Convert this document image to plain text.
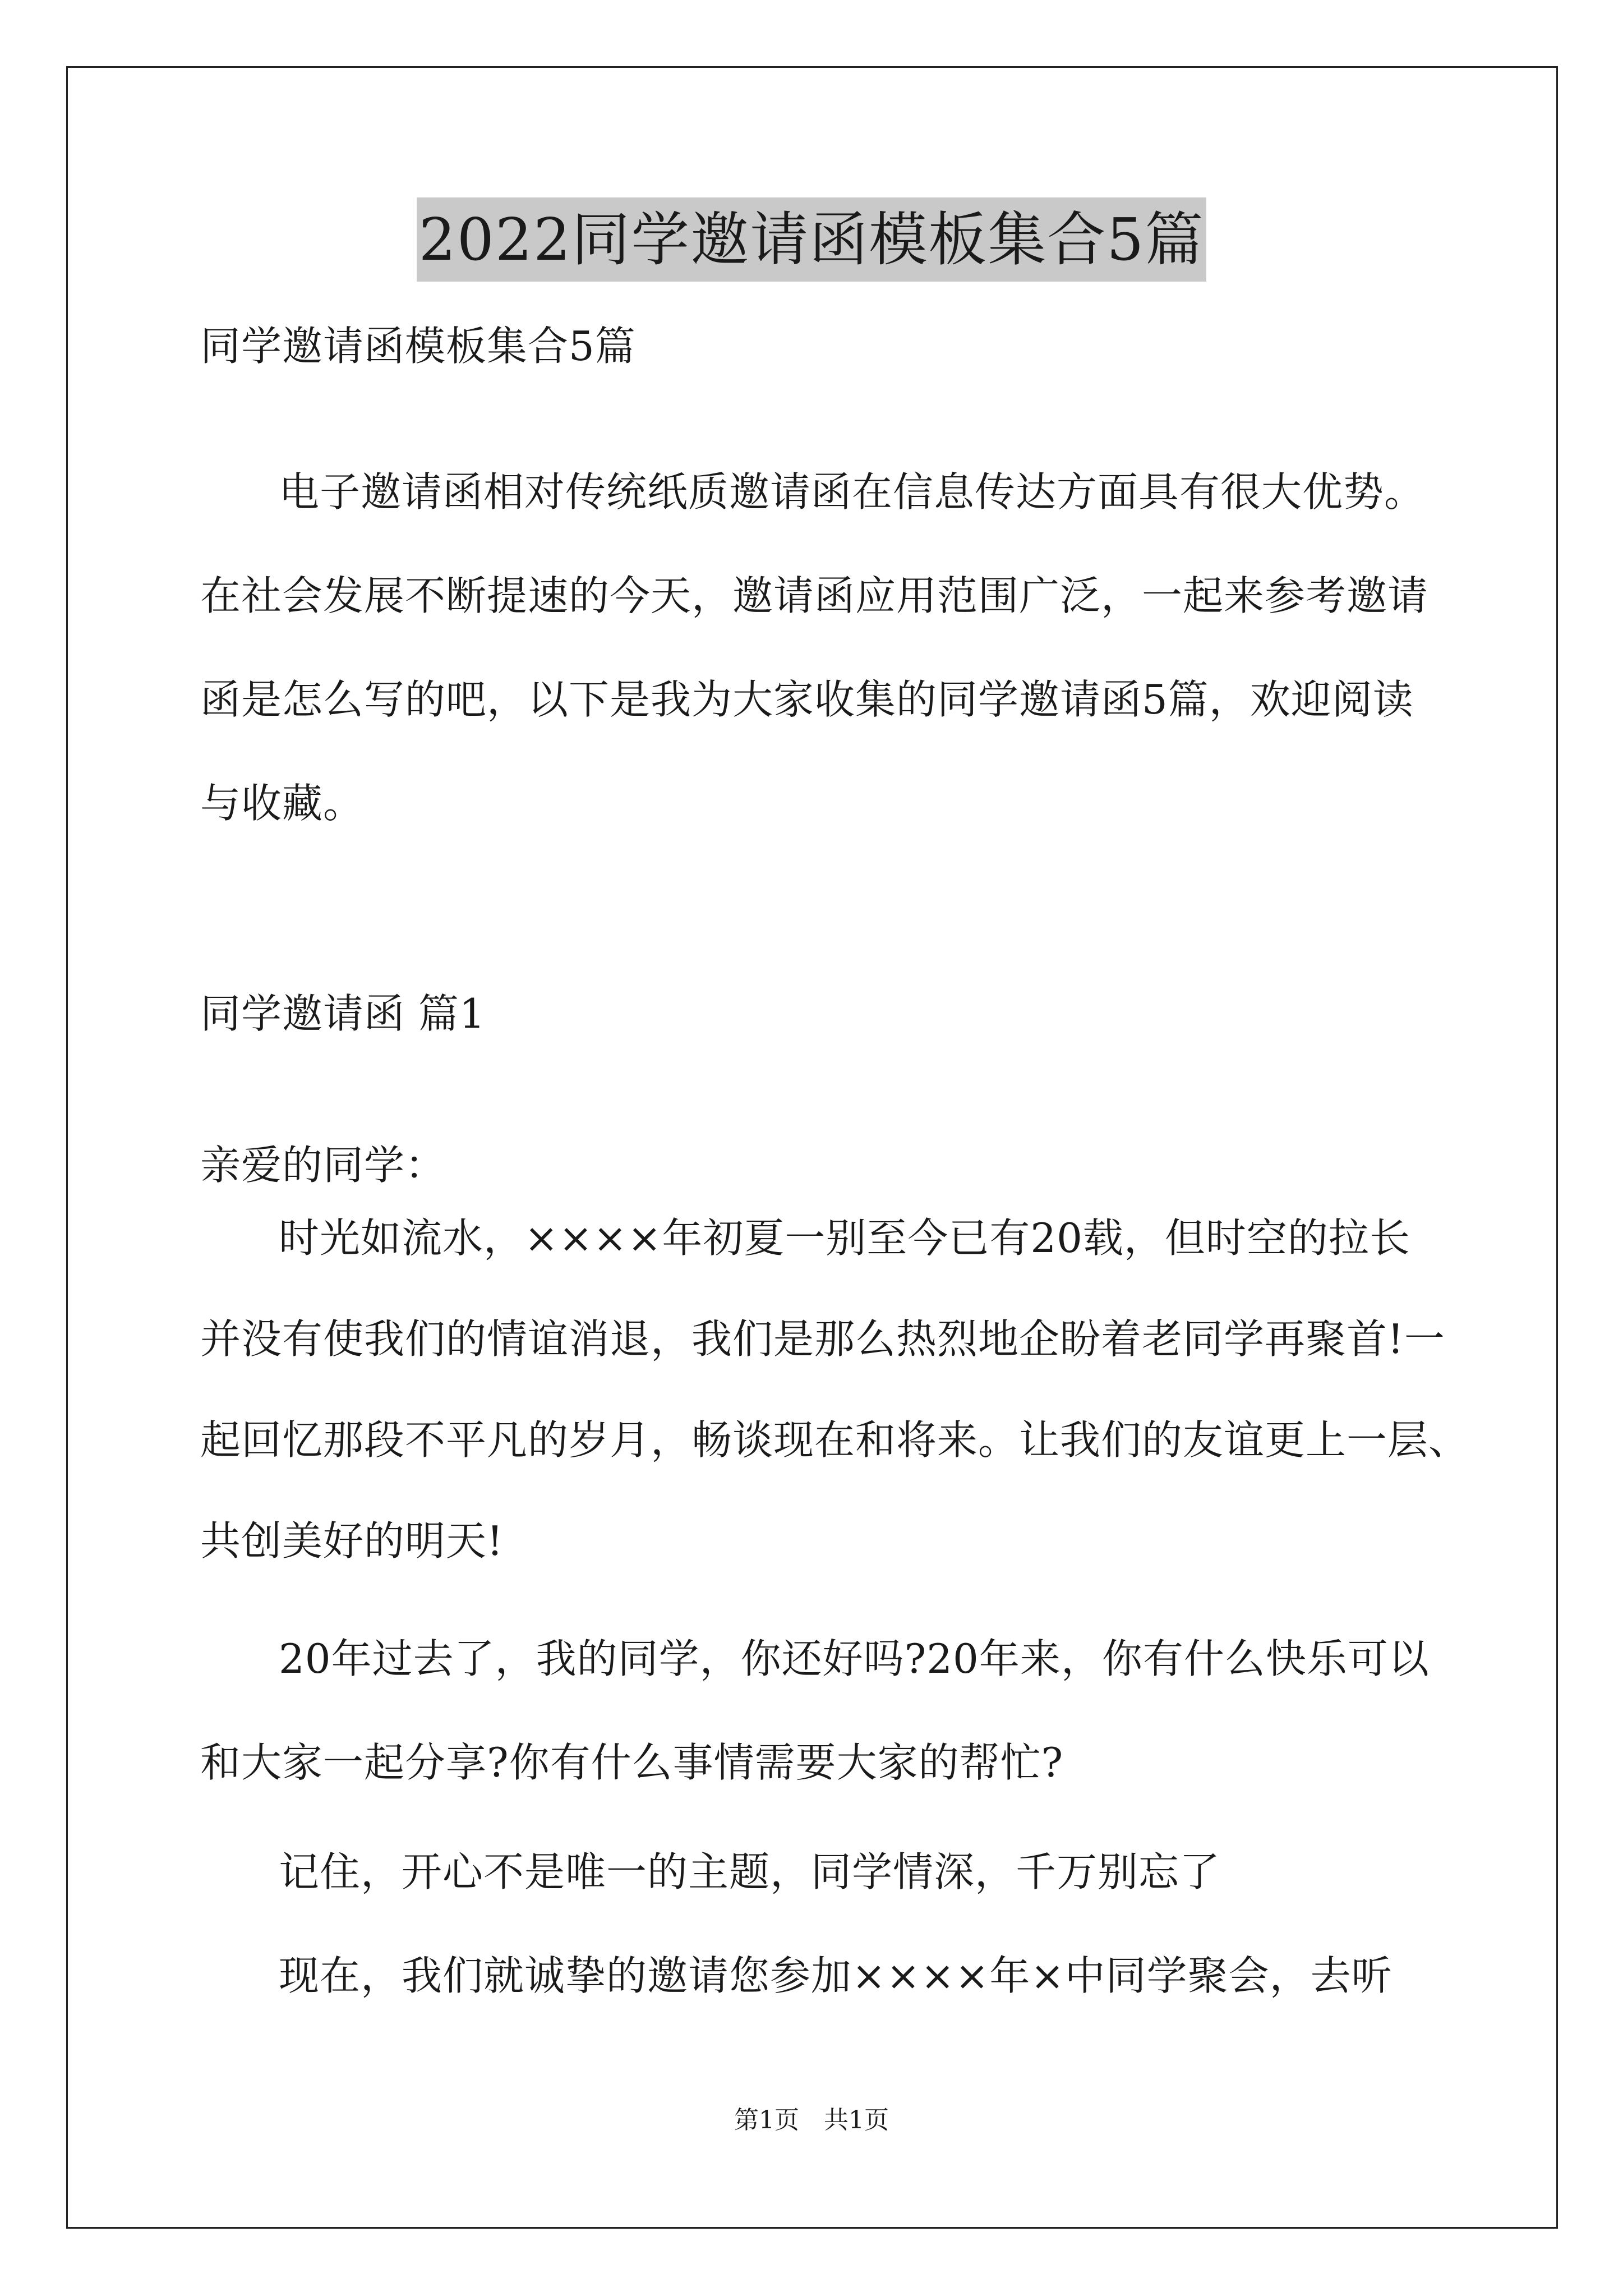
2022同学邀请函模板集合5篇
同学邀请函模板集合5篇
电子邀请函相对传统纸质邀请函在信息传达方面具有很大优势。
在社会发展不断提速的今天，邀请函应用范围广泛，一起来参考邀请
函是怎么写的吧，以下是我为大家收集的同学邀请函5篇，欢迎阅读
与收藏。
同学邀请函 篇1
亲爱的同学：
时光如流水，××××年初夏一别至今已有20载，但时空的拉长
并没有使我们的情谊消退，我们是那么热烈地企盼着老同学再聚首!一
起回忆那段不平凡的岁月，畅谈现在和将来。让我们的友谊更上一层、
共创美好的明天!
20年过去了，我的同学，你还好吗?20年来，你有什么快乐可以
和大家一起分享?你有什么事情需要大家的帮忙?
记住，开心不是唯一的主题，同学情深，千万别忘了
现在，我们就诚挚的邀请您参加××××年×中同学聚会，去听
第1页　共1页
